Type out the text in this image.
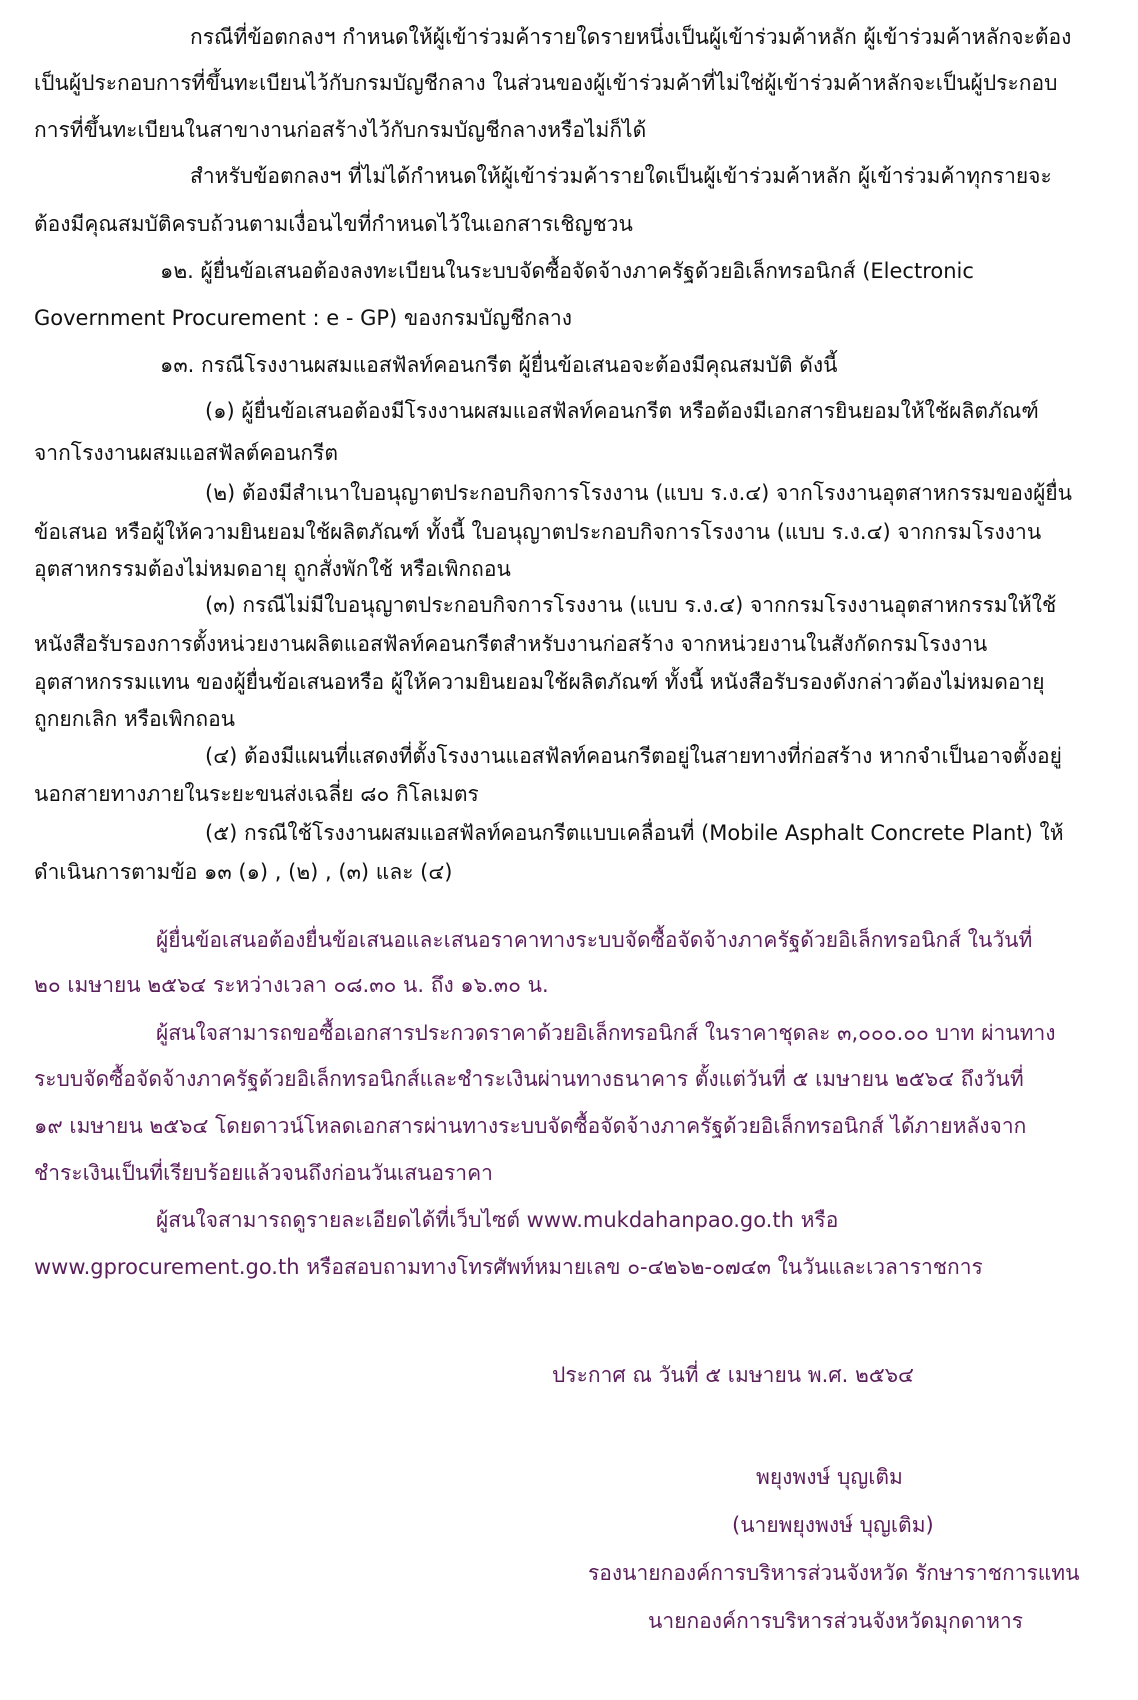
กรณีที่ข้อตกลงฯ กำหนดให้ผู้เข้าร่วมค้ารายใดรายหนึ่งเป็นผู้เข้าร่วมค้าหลัก ผู้เข้าร่วมค้าหลักจะต้อง
เป็นผู้ประกอบการที่ขึ้นทะเบียนไว้กับกรมบัญชีกลาง ในส่วนของผู้เข้าร่วมค้าที่ไม่ใช่ผู้เข้าร่วมค้าหลักจะเป็นผู้ประกอบ
การที่ขึ้นทะเบียนในสาขางานก่อสร้างไว้กับกรมบัญชีกลางหรือไม่ก็ได้
สำหรับข้อตกลงฯ ที่ไม่ได้กำหนดให้ผู้เข้าร่วมค้ารายใดเป็นผู้เข้าร่วมค้าหลัก ผู้เข้าร่วมค้าทุกรายจะ
ต้องมีคุณสมบัติครบถ้วนตามเงื่อนไขที่กำหนดไว้ในเอกสารเชิญชวน
๑๒. ผู้ยื่นข้อเสนอต้องลงทะเบียนในระบบจัดซื้อจัดจ้างภาครัฐด้วยอิเล็กทรอนิกส์ (Electronic
Government Procurement : e - GP) ของกรมบัญชีกลาง
๑๓. กรณีโรงงานผสมแอสฟัลท์คอนกรีต ผู้ยื่นข้อเสนอจะต้องมีคุณสมบัติ ดังนี้
(๑) ผู้ยื่นข้อเสนอต้องมีโรงงานผสมแอสฟัลท์คอนกรีต หรือต้องมีเอกสารยินยอมให้ใช้ผลิตภัณฑ์
จากโรงงานผสมแอสฟัลต์คอนกรีต
(๒) ต้องมีสำเนาใบอนุญาตประกอบกิจการโรงงาน (แบบ ร.ง.๔) จากโรงงานอุตสาหกรรมของผู้ยื่น
ข้อเสนอ หรือผู้ให้ความยินยอมใช้ผลิตภัณฑ์ ทั้งนี้ ใบอนุญาตประกอบกิจการโรงงาน (แบบ ร.ง.๔) จากกรมโรงงาน
อุตสาหกรรมต้องไม่หมดอายุ ถูกสั่งพักใช้ หรือเพิกถอน
(๓) กรณีไม่มีใบอนุญาตประกอบกิจการโรงงาน (แบบ ร.ง.๔) จากกรมโรงงานอุตสาหกรรมให้ใช้
หนังสือรับรองการตั้งหน่วยงานผลิตแอสฟัลท์คอนกรีตสำหรับงานก่อสร้าง จากหน่วยงานในสังกัดกรมโรงงาน
อุตสาหกรรมแทน ของผู้ยื่นข้อเสนอหรือ ผู้ให้ความยินยอมใช้ผลิตภัณฑ์ ทั้งนี้ หนังสือรับรองดังกล่าวต้องไม่หมดอายุ
ถูกยกเลิก หรือเพิกถอน
(๔) ต้องมีแผนที่แสดงที่ตั้งโรงงานแอสฟัลท์คอนกรีตอยู่ในสายทางที่ก่อสร้าง หากจำเป็นอาจตั้งอยู่
นอกสายทางภายในระยะขนส่งเฉลี่ย ๘๐ กิโลเมตร
(๕) กรณีใช้โรงงานผสมแอสฟัลท์คอนกรีตแบบเคลื่อนที่ (Mobile Asphalt Concrete Plant) ให้
ดำเนินการตามข้อ ๑๓ (๑) , (๒) , (๓) และ (๔)
ผู้ยื่นข้อเสนอต้องยื่นข้อเสนอและเสนอราคาทางระบบจัดซื้อจัดจ้างภาครัฐด้วยอิเล็กทรอนิกส์ ในวันที่
๒๐ เมษายน ๒๕๖๔ ระหว่างเวลา ๐๘.๓๐ น. ถึง ๑๖.๓๐ น.
ผู้สนใจสามารถขอซื้อเอกสารประกวดราคาด้วยอิเล็กทรอนิกส์ ในราคาชุดละ ๓,๐๐๐.๐๐ บาท ผ่านทาง
ระบบจัดซื้อจัดจ้างภาครัฐด้วยอิเล็กทรอนิกส์และชำระเงินผ่านทางธนาคาร ตั้งแต่วันที่ ๕ เมษายน ๒๕๖๔ ถึงวันที่
๑๙ เมษายน ๒๕๖๔ โดยดาวน์โหลดเอกสารผ่านทางระบบจัดซื้อจัดจ้างภาครัฐด้วยอิเล็กทรอนิกส์ ได้ภายหลังจาก
ชำระเงินเป็นที่เรียบร้อยแล้วจนถึงก่อนวันเสนอราคา
ผู้สนใจสามารถดูรายละเอียดได้ที่เว็บไซต์ www.mukdahanpao.go.th หรือ
www.gprocurement.go.th หรือสอบถามทางโทรศัพท์หมายเลข ๐-๔๒๖๒-๐๗๔๓ ในวันและเวลาราชการ
ประกาศ ณ วันที่ ๕ เมษายน พ.ศ. ๒๕๖๔
พยุงพงษ์ บุญเติม
(นายพยุงพงษ์ บุญเติม)
รองนายกองค์การบริหารส่วนจังหวัด รักษาราชการแทน
นายกองค์การบริหารส่วนจังหวัดมุกดาหาร
